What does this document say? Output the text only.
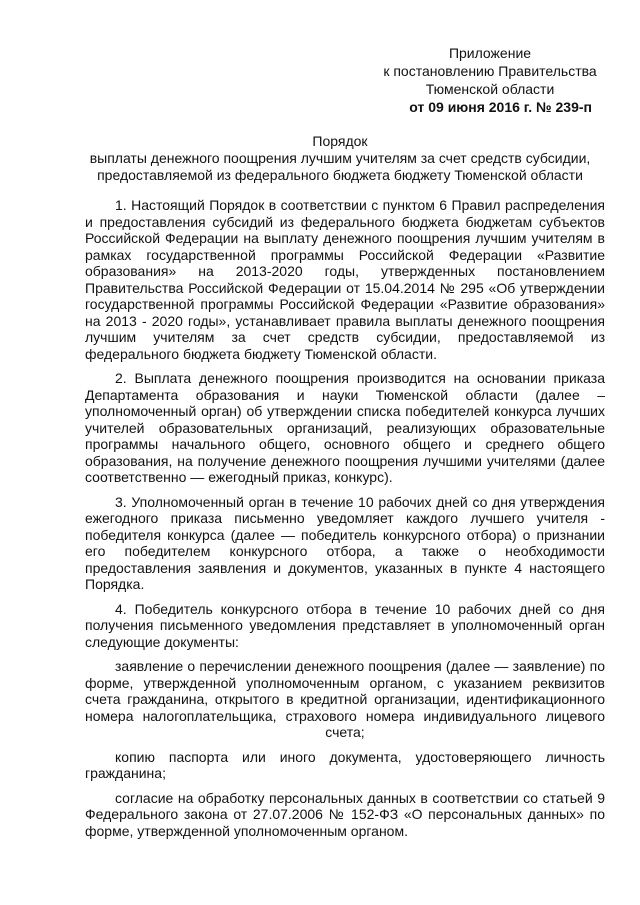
Приложение
к постановлению Правительства
Тюменской области
от 09 июня 2016 г. № 239-п
Порядок
выплаты денежного поощрения лучшим учителям за счет средств субсидии,
предоставляемой из федерального бюджета бюджету Тюменской области

1. Настоящий Порядок в соответствии с пунктом 6 Правил распределения и предоставления субсидий из федерального бюджета бюджетам субъектов Российской Федерации на выплату денежного поощрения лучшим учителям в рамках государственной программы Российской Федерации «Развитие образования» на 2013-2020 годы, утвержденных постановлением Правительства Российской Федерации от 15.04.2014 № 295 «Об утверждении государственной программы Российской Федерации «Развитие образования» на 2013 - 2020 годы», устанавливает правила выплаты денежного поощрения лучшим учителям за счет средств субсидии, предоставляемой из федерального бюджета бюджету Тюменской области.

2. Выплата денежного поощрения производится на основании приказа Департамента образования и науки Тюменской области (далее – уполномоченный орган) об утверждении списка победителей конкурса лучших учителей образовательных организаций, реализующих образовательные программы начального общего, основного общего и среднего общего образования, на получение денежного поощрения лучшими учителями (далее соответственно — ежегодный приказ, конкурс).

3. Уполномоченный орган в течение 10 рабочих дней со дня утверждения ежегодного приказа письменно уведомляет каждого лучшего учителя - победителя конкурса (далее — победитель конкурсного отбора) о признании его победителем конкурсного отбора, а также о необходимости предоставления заявления и документов, указанных в пункте 4 настоящего Порядка.

4. Победитель конкурсного отбора в течение 10 рабочих дней со дня получения письменного уведомления представляет в уполномоченный орган следующие документы:

заявление о перечислении денежного поощрения (далее — заявление) по форме, утвержденной уполномоченным органом, с указанием реквизитов счета гражданина, открытого в кредитной организации, идентификационного номера налогоплательщика, страхового номера индивидуального лицевого счета;

копию паспорта или иного документа, удостоверяющего личность гражданина;

согласие на обработку персональных данных в соответствии со статьей 9 Федерального закона от 27.07.2006 № 152-ФЗ «О персональных данных» по форме, утвержденной уполномоченным органом.
